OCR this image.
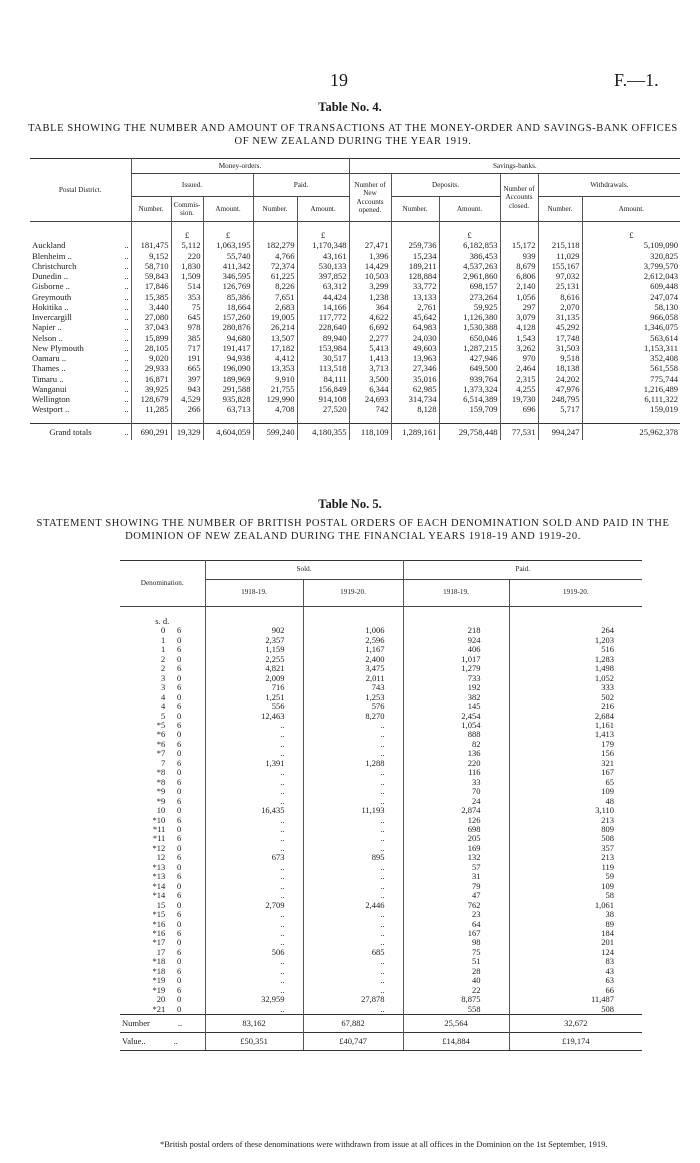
19	F.—1.
Table No. 4.
TABLE SHOWING THE NUMBER AND AMOUNT OF TRANSACTIONS AT THE MONEY-ORDER AND SAVINGS-BANK OFFICES OF NEW ZEALAND DURING THE YEAR 1919.
Postal District.		Money-orders.					Savings-banks.					
		Issued.			Paid.		Number of New Accounts opened.	Deposits.		Number of Accounts closed.	Withdrawals.	
		Number.	Commis-sion.	Amount.	Number.	Amount.		Number.	Amount.		Number.	Amount.

			£	£		£			£			£
Auckland	..	181,475	5,112	1,063,195	182,279	1,170,348	27,471	259,736	6,182,853	15,172	215,118	5,109,090
Blenheim ..	..	9,152	220	55,740	4,766	43,161	1,396	15,234	386,453	939	11,029	320,825
Christchurch	..	58,710	1,830	411,342	72,374	530,133	14,429	189,211	4,537,263	8,679	155,167	3,799,570
Dunedin ..	..	59,843	1,509	346,595	61,225	397,852	10,503	128,884	2,961,860	6,806	97,032	2,612,043
Gisborne ..	..	17,846	514	126,769	8,226	63,312	3,299	33,772	698,157	2,140	25,131	609,448
Greymouth	..	15,385	353	85,386	7,651	44,424	1,238	13,133	273,264	1,056	8,616	247,074
Hokitika ..	..	3,440	75	18,664	2,683	14,166	364	2,761	59,925	297	2,070	58,130
Invercargill	..	27,080	645	157,260	19,005	117,772	4,622	45,642	1,126,380	3,079	31,135	966,058
Napier ..	..	37,043	978	280,876	26,214	228,640	6,692	64,983	1,530,388	4,128	45,292	1,346,075
Nelson ..	..	15,899	385	94,680	13,507	89,940	2,277	24,030	650,046	1,543	17,748	563,614
New Plymouth	..	28,105	717	191,417	17,182	153,984	5,413	49,603	1,287,215	3,262	31,503	1,153,311
Oamaru ..	..	9,020	191	94,938	4,412	30,517	1,413	13,963	427,946	970	9,518	352,408
Thames ..	..	29,933	665	196,090	13,353	113,518	3,713	27,346	649,500	2,464	18,138	561,558
Timaru ..	..	16,871	397	189,969	9,910	84,111	3,500	35,016	939,764	2,315	24,202	775,744
Wanganui	..	39,925	943	291,588	21,755	156,849	6,344	62,985	1,373,324	4,255	47,976	1,216,489
Wellington	..	128,679	4,529	935,828	129,990	914,108	24,693	314,734	6,514,389	19,730	248,795	6,111,322
Westport ..	..	11,285	266	63,713	4,708	27,520	742	8,128	159,709	696	5,717	159,019

Grand totals	..	690,291	19,329	4,604,059	599,240	4,180,355	118,109	1,289,161	29,758,448	77,531	994,247	25,962,378
Table No. 5.
STATEMENT SHOWING THE NUMBER OF BRITISH POSTAL ORDERS OF EACH DENOMINATION SOLD AND PAID IN THE DOMINION OF NEW ZEALAND DURING THE FINANCIAL YEARS 1918-19 AND 1919-20.
Denomination.	Sold.		Paid.	
	1918-19.	1919-20.	1918-19.	1919-20.

s. d.				
0 6	902	1,006	218	264
1 0	2,357	2,596	924	1,203
1 6	1,159	1,167	406	516
2 0	2,255	2,400	1,017	1,283
2 6	4,821	3,475	1,279	1,498
3 0	2,009	2,011	733	1,052
3 6	716	743	192	333
4 0	1,251	1,253	382	502
4 6	556	576	145	216
5 0	12,463	8,270	2,454	2,684
*5 6	..	..	1,054	1,161
*6 0	..	..	888	1,413
*6 6	..	..	82	179
*7 0	..	..	136	156
7 6	1,391	1,288	220	321
*8 0	..	..	116	167
*8 6	..	..	33	65
*9 0	..	..	70	109
*9 6	..	..	24	48
10 0	16,435	11,193	2,874	3,110
*10 6	..	..	126	213
*11 0	..	..	698	809
*11 6	..	..	205	508
*12 0	..	..	169	357
12 6	673	895	132	213
*13 0	..	..	57	119
*13 6	..	..	31	59
*14 0	..	..	79	109
*14 6	..	..	47	58
15 0	2,709	2,446	762	1,061
*15 6	..	..	23	38
*16 0	..	..	64	89
*16 6	..	..	167	184
*17 0	..	..	98	201
17 6	506	685	75	124
*18 0	..	..	51	83
*18 6	..	..	28	43
*19 0	..	..	40	63
*19 6	..	..	22	66
20 0	32,959	27,878	8,875	11,487
*21 0	..	..	558	508
Number ..	83,162	67,882	25,564	32,672
Value.. ..	£50,351	£40,747	£14,884	£19,174
*British postal orders of these denominations were withdrawn from issue at all offices in the Dominion on the 1st September, 1919.
